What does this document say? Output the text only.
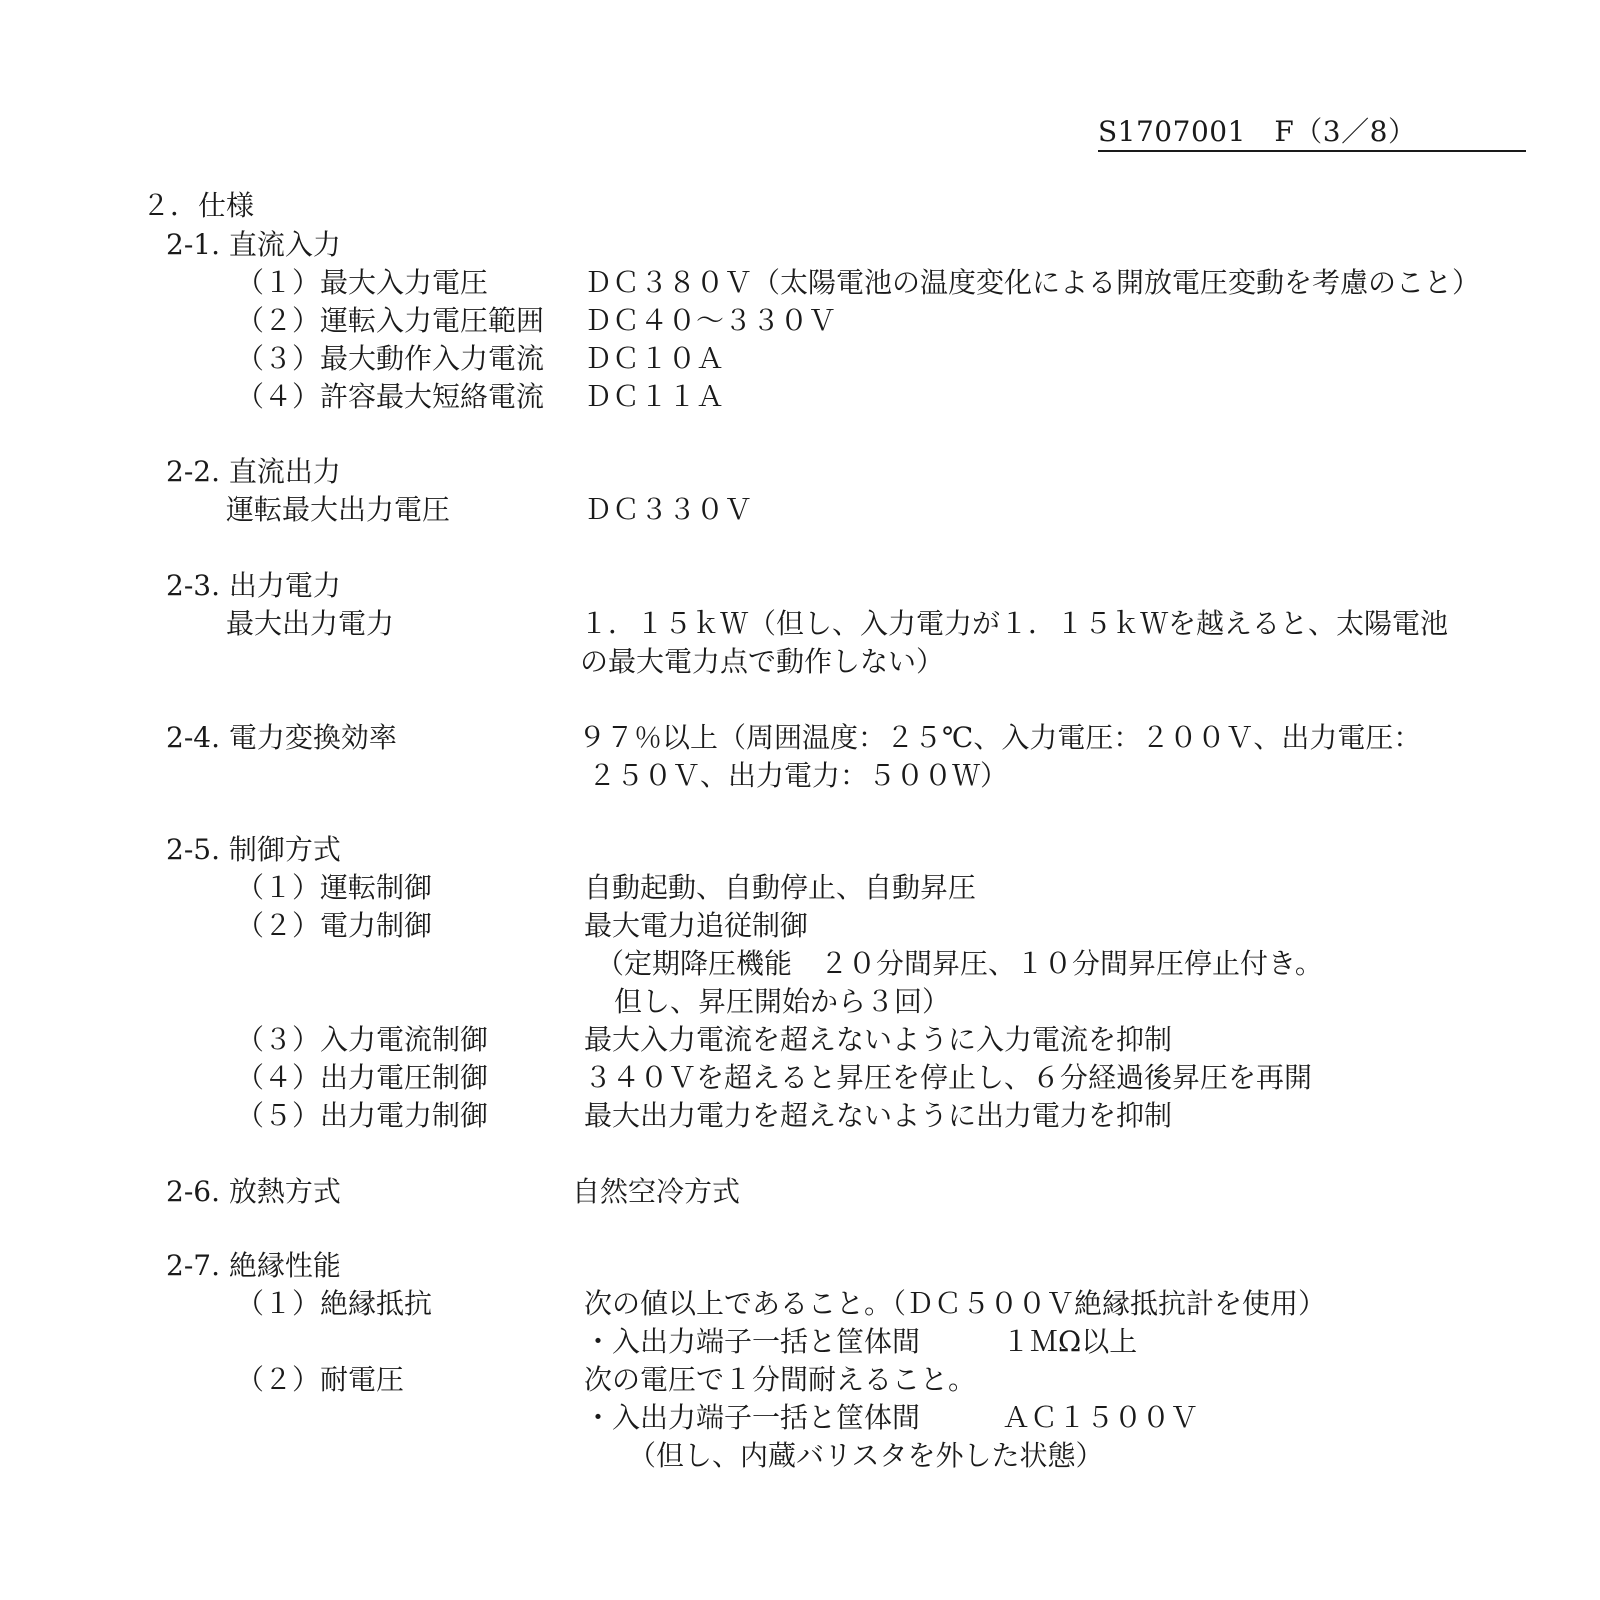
S1707001　F（3／8）
２．仕様
2-1. 直流入力
（１）最大入力電圧	ＤＣ３８０Ｖ（太陽電池の温度変化による開放電圧変動を考慮のこと）
（２）運転入力電圧範囲 ＤＣ４０～３３０Ｖ
（３）最大動作入力電流 ＤＣ１０Ａ
（４）許容最大短絡電流 ＤＣ１１Ａ
2-2. 直流出力
運転最大出力電圧	ＤＣ３３０Ｖ
2-3. 出力電力
最大出力電力	１．１５ｋＷ（但し、入力電力が１．１５ｋＷを越えると、太陽電池
の最大電力点で動作しない）
2-4. 電力変換効率	９７％以上（周囲温度：２５℃、入力電圧：２００Ｖ、出力電圧：
２５０Ｖ、出力電力：５００Ｗ）
2-5. 制御方式
（１）運転制御	自動起動、自動停止、自動昇圧
（２）電力制御	最大電力追従制御
（定期降圧機能　２０分間昇圧、１０分間昇圧停止付き。
但し、昇圧開始から３回）
（３）入力電流制御	最大入力電流を超えないように入力電流を抑制
（４）出力電圧制御	３４０Ｖを超えると昇圧を停止し、６分経過後昇圧を再開
（５）出力電力制御	最大出力電力を超えないように出力電力を抑制
2-6. 放熱方式	自然空冷方式
2-7. 絶縁性能
（１）絶縁抵抗	次の値以上であること。（ＤＣ５００Ｖ絶縁抵抗計を使用）
・入出力端子一括と筐体間	１ＭΩ以上
（２）耐電圧	次の電圧で１分間耐えること。
・入出力端子一括と筐体間	ＡＣ１５００Ｖ
（但し、内蔵バリスタを外した状態）
